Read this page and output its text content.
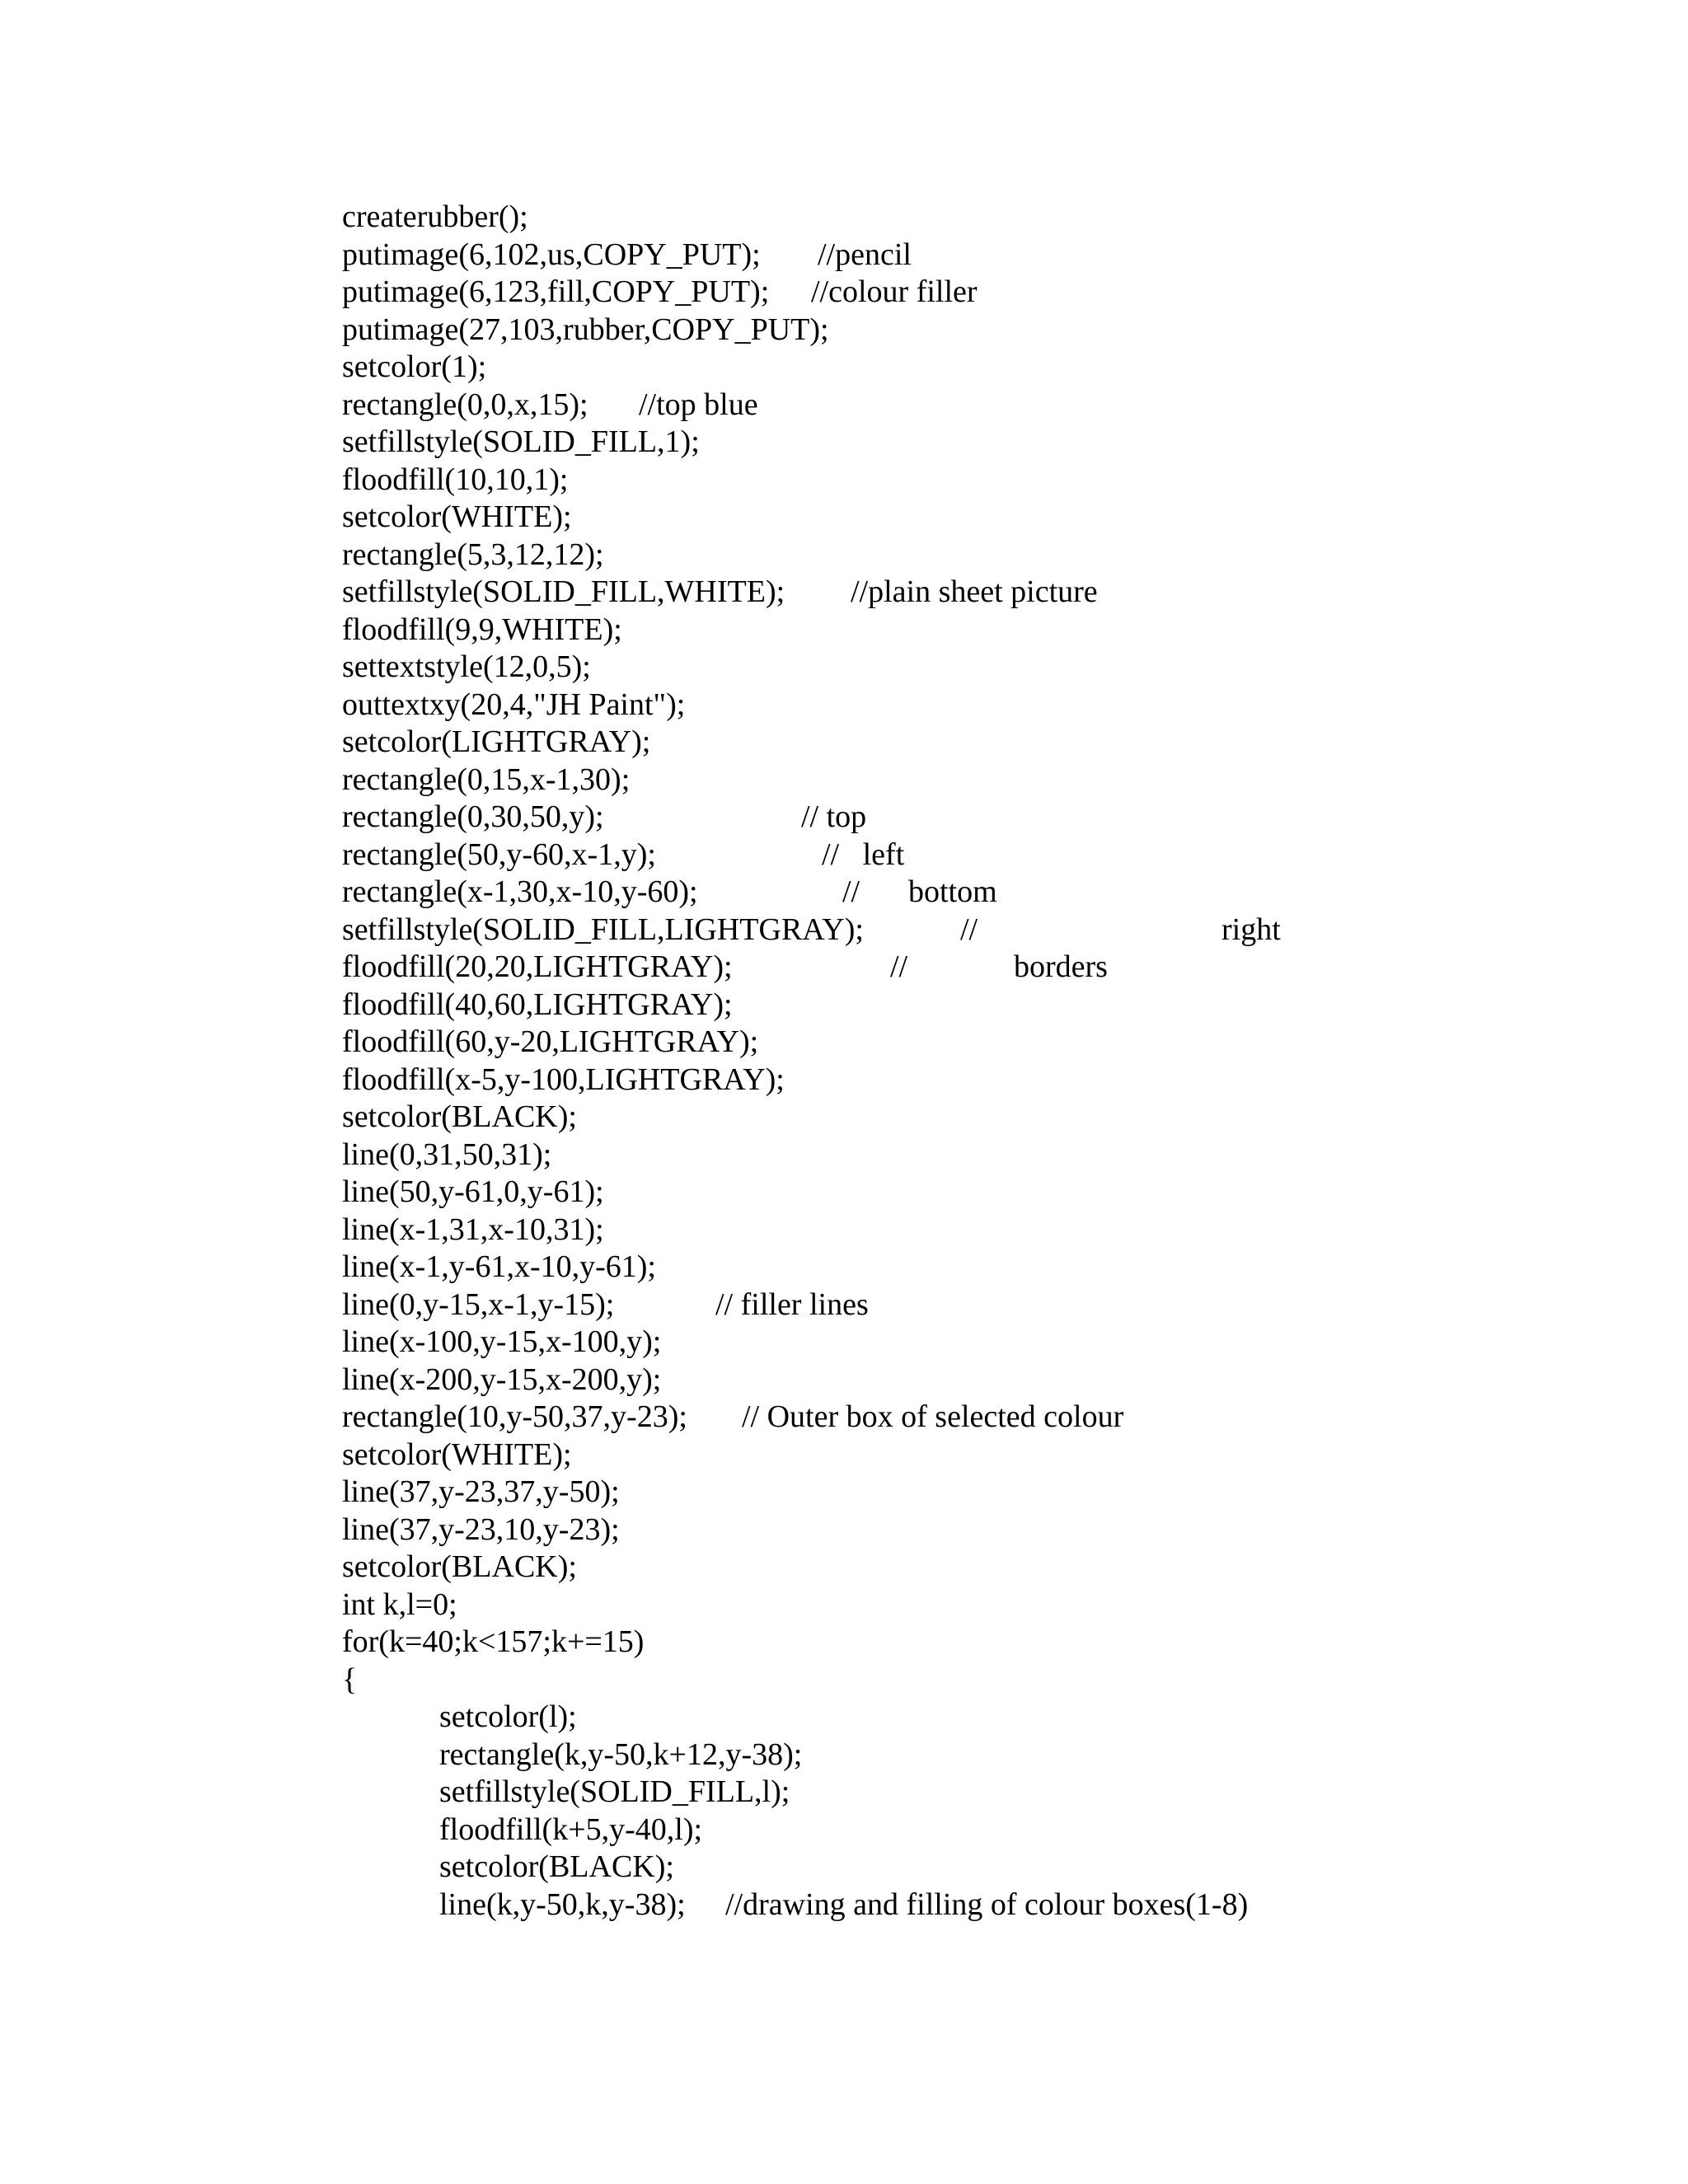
createrubber();

putimage(6,102,us,COPY_PUT);

//pencil

putimage(6,123,fill,COPY_PUT);

//colour filler

putimage(27,103,rubber,COPY_PUT);

setcolor(1);

rectangle(0,0,x,15);

//top blue

setfillstyle(SOLID_FILL,1);

floodfill(10,10,1);

setcolor(WHITE);

rectangle(5,3,12,12);

setfillstyle(SOLID_FILL,WHITE);

//plain sheet picture

floodfill(9,9,WHITE);

settextstyle(12,0,5);

outtextxy(20,4,"JH Paint");

setcolor(LIGHTGRAY);

rectangle(0,15,x-1,30);

rectangle(0,30,50,y);

	// top

rectangle(50,y-60,x-1,y);

	//   left

rectangle(x-1,30,x-10,y-60);

	//

bottom

setfillstyle(SOLID_FILL,LIGHTGRAY);

	//

	right

floodfill(20,20,LIGHTGRAY);

	//

	borders

floodfill(40,60,LIGHTGRAY);

floodfill(60,y-20,LIGHTGRAY);

floodfill(x-5,y-100,LIGHTGRAY);

setcolor(BLACK);

line(0,31,50,31);

line(50,y-61,0,y-61);

line(x-1,31,x-10,31);

line(x-1,y-61,x-10,y-61);

line(0,y-15,x-1,y-15);

	// filler lines

line(x-100,y-15,x-100,y);

line(x-200,y-15,x-200,y);

rectangle(10,y-50,37,y-23);

// Outer box of selected colour

setcolor(WHITE);

line(37,y-23,37,y-50);

line(37,y-23,10,y-23);

setcolor(BLACK);

int k,l=0;

for(k=40;k<157;k+=15)

{

setcolor(l);

rectangle(k,y-50,k+12,y-38);

setfillstyle(SOLID_FILL,l);

floodfill(k+5,y-40,l);

setcolor(BLACK);

line(k,y-50,k,y-38);

//drawing and filling of colour boxes(1-8)
